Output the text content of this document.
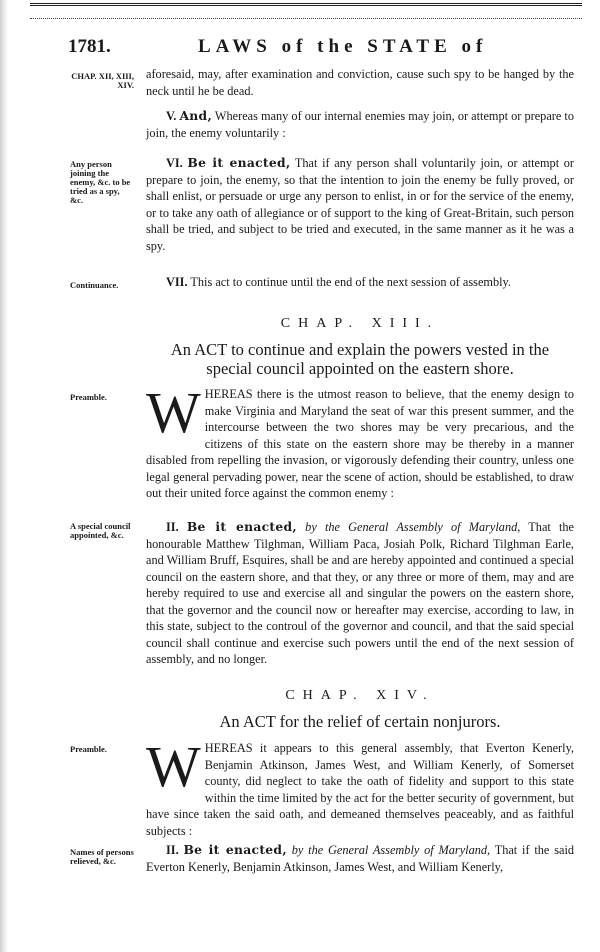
1781.	LAWS of the STATE of
CHAP. XII, XIII, XIV.
Any person joining the enemy, &c. to be tried as a spy, &c.
Continuance.
Preamble.
A special council appointed, &c.
Preamble.
Names of persons relieved, &c.
aforesaid, may, after examination and conviction, cause such spy to be hanged by the neck until he be dead.
V. And, Whereas many of our internal enemies may join, or attempt or prepare to join, the enemy voluntarily :
VI. Be it enacted, That if any person shall voluntarily join, or attempt or prepare to join, the enemy, so that the intention to join the enemy be fully proved, or shall enlist, or persuade or urge any person to enlist, in or for the service of the enemy, or to take any oath of allegiance or of support to the king of Great-Britain, such person shall be tried, and subject to be tried and executed, in the same manner as it he was a spy.
VII. This act to continue until the end of the next session of assembly.
CHAP. XIII.
An ACT to continue and explain the powers vested in the special council appointed on the eastern shore.
W HEREAS there is the utmost reason to believe, that the enemy design to make Virginia and Maryland the seat of war this present summer, and the intercourse between the two shores may be very precarious, and the citizens of this state on the eastern shore may be thereby in a manner disabled from repelling the invasion, or vigorously defending their country, unless one legal general pervading power, near the scene of action, should be established, to draw out their united force against the common enemy :
II. Be it enacted, by the General Assembly of Maryland, That the honourable Matthew Tilghman, William Paca, Josiah Polk, Richard Tilghman Earle, and William Bruff, Esquires, shall be and are hereby appointed and continued a special council on the eastern shore, and that they, or any three or more of them, may and are hereby required to use and exercise all and singular the powers on the eastern shore, that the governor and the council now or hereafter may exercise, according to law, in this state, subject to the controul of the governor and council, and that the said special council shall continue and exercise such powers until the end of the next session of assembly, and no longer.
CHAP. XIV.
An ACT for the relief of certain nonjurors.
W HEREAS it appears to this general assembly, that Everton Kenerly, Benjamin Atkinson, James West, and William Kenerly, of Somerset county, did neglect to take the oath of fidelity and support to this state within the time limited by the act for the better security of government, but have since taken the said oath, and demeaned themselves peaceably, and as faithful subjects :
II. Be it enacted, by the General Assembly of Maryland, That if the said Everton Kenerly, Benjamin Atkinson, James West, and William Kenerly,
